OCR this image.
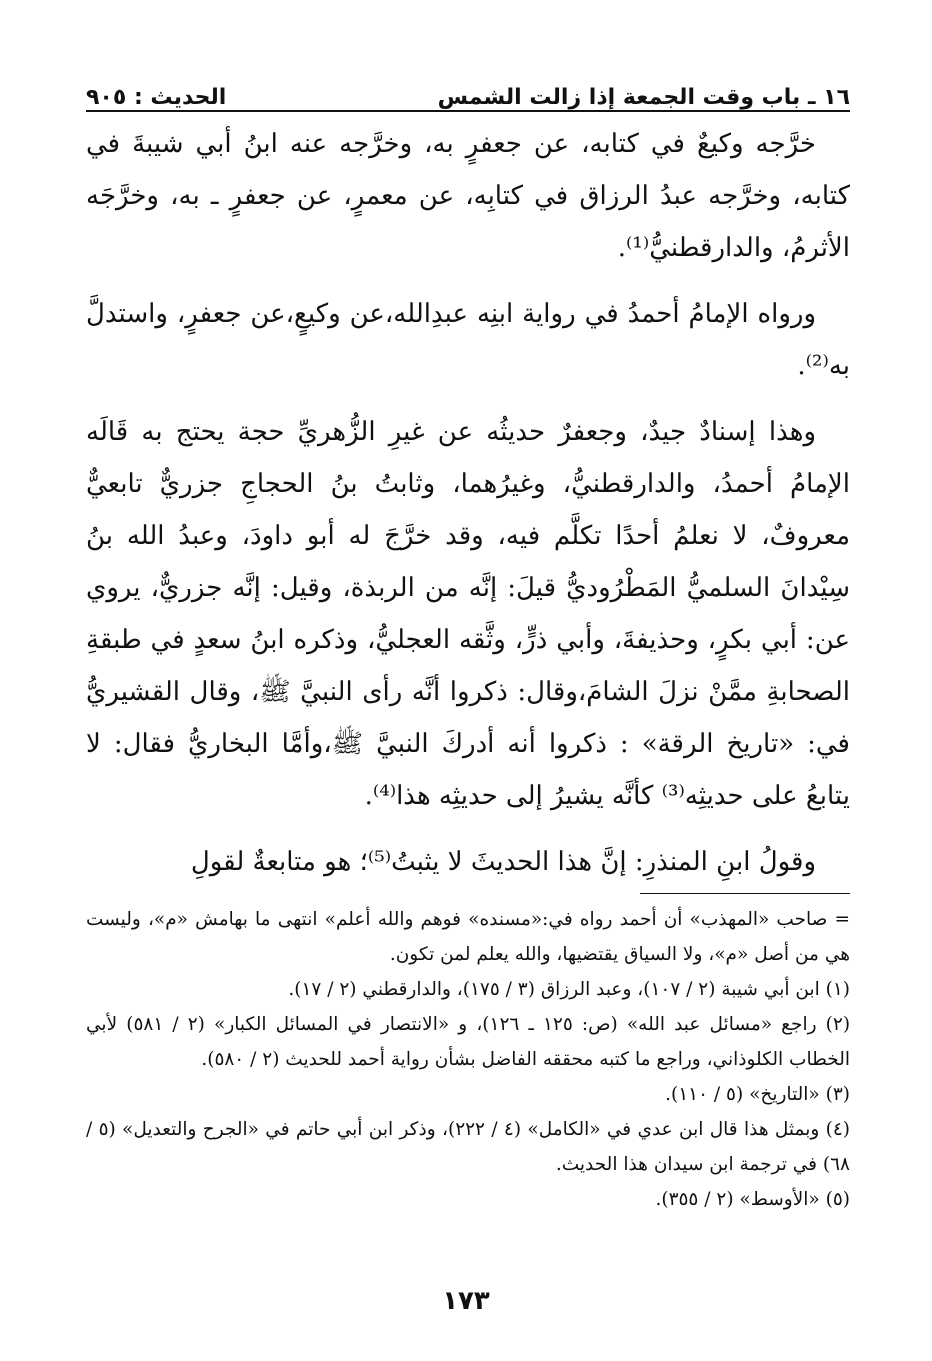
١٦ ـ باب وقت الجمعة إذا زالت الشمس
الحديث : ٩٠٥

خرَّجه وكيعٌ في كتابه، عن جعفرٍ به، وخرَّجه عنه ابنُ أبي شيبةَ في كتابه، وخرَّجه عبدُ الرزاق في كتابِه، عن معمرٍ، عن جعفرٍ ـ به، وخرَّجَه الأثرمُ، والدارقطنيُّ⁽¹⁾.

ورواه الإمامُ أحمدُ في رواية ابنِه عبدِالله،عن وكيعٍ،عن جعفرٍ، واستدلَّ به⁽²⁾.

وهذا إسنادٌ جيدٌ، وجعفرٌ حديثُه عن غيرِ الزُّهريِّ حجة يحتج به قَالَه الإمامُ أحمدُ، والدارقطنيُّ، وغيرُهما، وثابتُ بنُ الحجاجِ جزريٌّ تابعيٌّ معروفٌ، لا نعلمُ أحدًا تكلَّم فيه، وقد خرَّجَ له أبو داودَ، وعبدُ الله بنُ سِيْدانَ السلميُّ المَطْرُوديُّ قيلَ: إنَّه من الربذة، وقيل: إنَّه جزريٌّ، يروي عن: أبي بكرٍ، وحذيفةَ، وأبي ذرٍّ، وثَّقه العجليُّ، وذكره ابنُ سعدٍ في طبقةِ الصحابةِ ممَّنْ نزلَ الشامَ،وقال: ذكروا أنَّه رأى النبيَّ ﷺ، وقال القشيريُّ في: «تاريخ الرقة» : ذكروا أنه أدركَ النبيَّ ﷺ،وأمَّا البخاريُّ فقال: لا يتابعُ على حديثِه⁽³⁾ كأنَّه يشيرُ إلى حديثِه هذا⁽⁴⁾.

وقولُ ابنِ المنذرِ: إنَّ هذا الحديثَ لا يثبتُ⁽⁵⁾؛ هو متابعةٌ لقولِ

= صاحب «المهذب» أن أحمد رواه في:«مسنده» فوهم والله أعلم» انتهى ما بهامش «م»، وليست هي من أصل «م»، ولا السياق يقتضيها، والله يعلم لمن تكون.

(١) ابن أبي شيبة (٢ / ١٠٧)، وعبد الرزاق (٣ / ١٧٥)، والدارقطني (٢ / ١٧).

(٢) راجع «مسائل عبد الله» (ص: ١٢٥ ـ ١٢٦)، و «الانتصار في المسائل الكبار» (٢ / ٥٨١) لأبي الخطاب الكلوذاني، وراجع ما كتبه محققه الفاضل بشأن رواية أحمد للحديث (٢ / ٥٨٠).

(٣) «التاريخ» (٥ / ١١٠).

(٤) وبمثل هذا قال ابن عدي في «الكامل» (٤ / ٢٢٢)، وذكر ابن أبي حاتم في «الجرح والتعديل» (٥ / ٦٨) في ترجمة ابن سيدان هذا الحديث.

(٥) «الأوسط» (٢ / ٣٥٥).

١٧٣
